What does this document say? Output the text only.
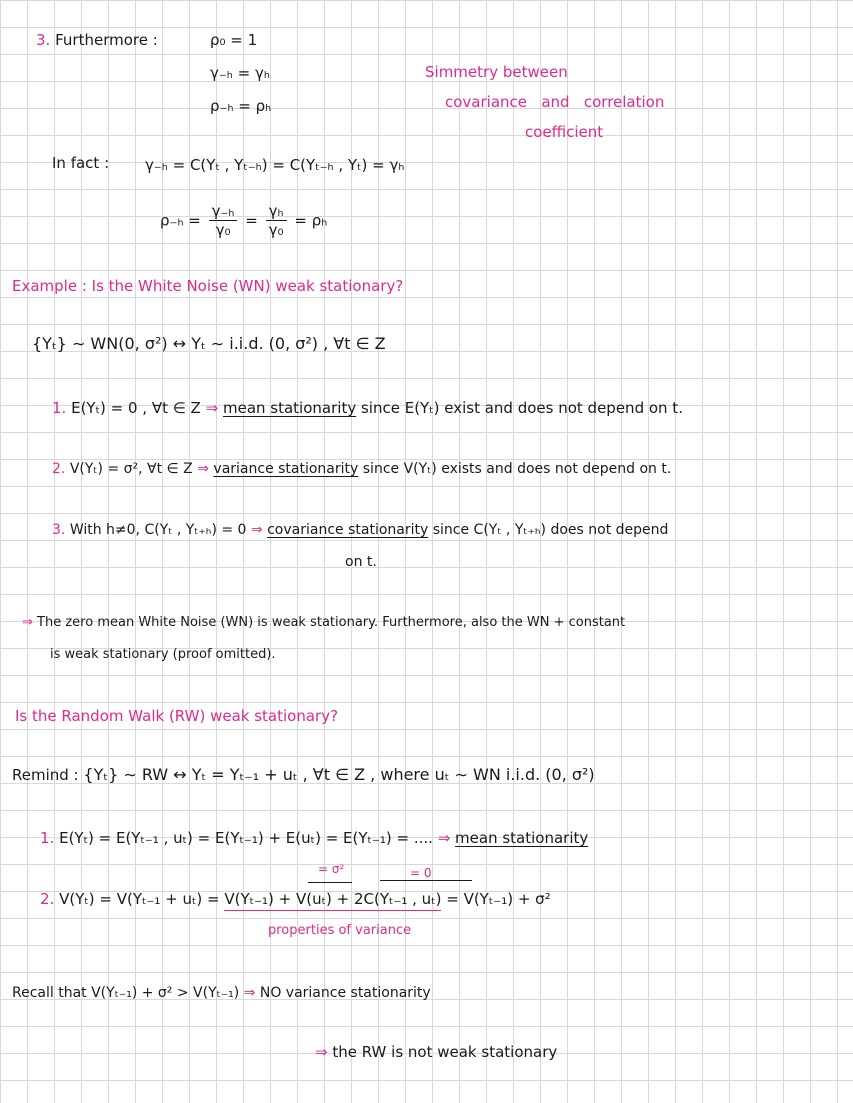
3. Furthermore :	ρ₀ = 1
γ₋ₕ = γₕ
ρ₋ₕ = ρₕ
Simmetry between
covariance and correlation
coefficient
In fact : γ₋ₕ = C(Yₜ , Yₜ₋ₕ) = C(Yₜ₋ₕ , Yₜ) = γₕ
$\rho_{-h} = \frac{\text{γ₋ₕ}}{\text{γ₀}} = \frac{\text{γₕ}}{\text{γ₀}} = \rho_h$
Example : Is the White Noise (WN) weak stationary?
{Yₜ} ∼ WN(0, σ²) ↔ Yₜ ∼ i.i.d. (0, σ²) , ∀t ∈ Z
1. E(Yₜ) = 0 , ∀t ∈ Z ⇒ mean stationarity since E(Yₜ) exist and does not depend on t.
2. V(Yₜ) = σ², ∀t ∈ Z ⇒ variance stationarity since V(Yₜ) exists and does not depend on t.
3. With h≠0, C(Yₜ , Yₜ₊ₕ) = 0 ⇒ covariance stationarity since C(Yₜ , Yₜ₊ₕ) does not depend
on t.
⇒ The zero mean White Noise (WN) is weak stationary. Furthermore, also the WN + constant
is weak stationary (proof omitted).
Is the Random Walk (RW) weak stationary?
Remind : {Yₜ} ∼ RW ↔ Yₜ = Yₜ₋₁ + uₜ , ∀t ∈ Z , where uₜ ∼ WN i.i.d. (0, σ²)
1. E(Yₜ) = E(Yₜ₋₁ , uₜ) = E(Yₜ₋₁) + E(uₜ) = E(Yₜ₋₁) = .... ⇒ mean stationarity
= σ²	= 0
2. V(Yₜ) = V(Yₜ₋₁ + uₜ) = V(Yₜ₋₁) + V(uₜ) + 2C(Yₜ₋₁ , uₜ) = V(Yₜ₋₁) + σ²
properties of variance
Recall that V(Yₜ₋₁) + σ² > V(Yₜ₋₁) ⇒ NO variance stationarity
⇒ the RW is not weak stationary
